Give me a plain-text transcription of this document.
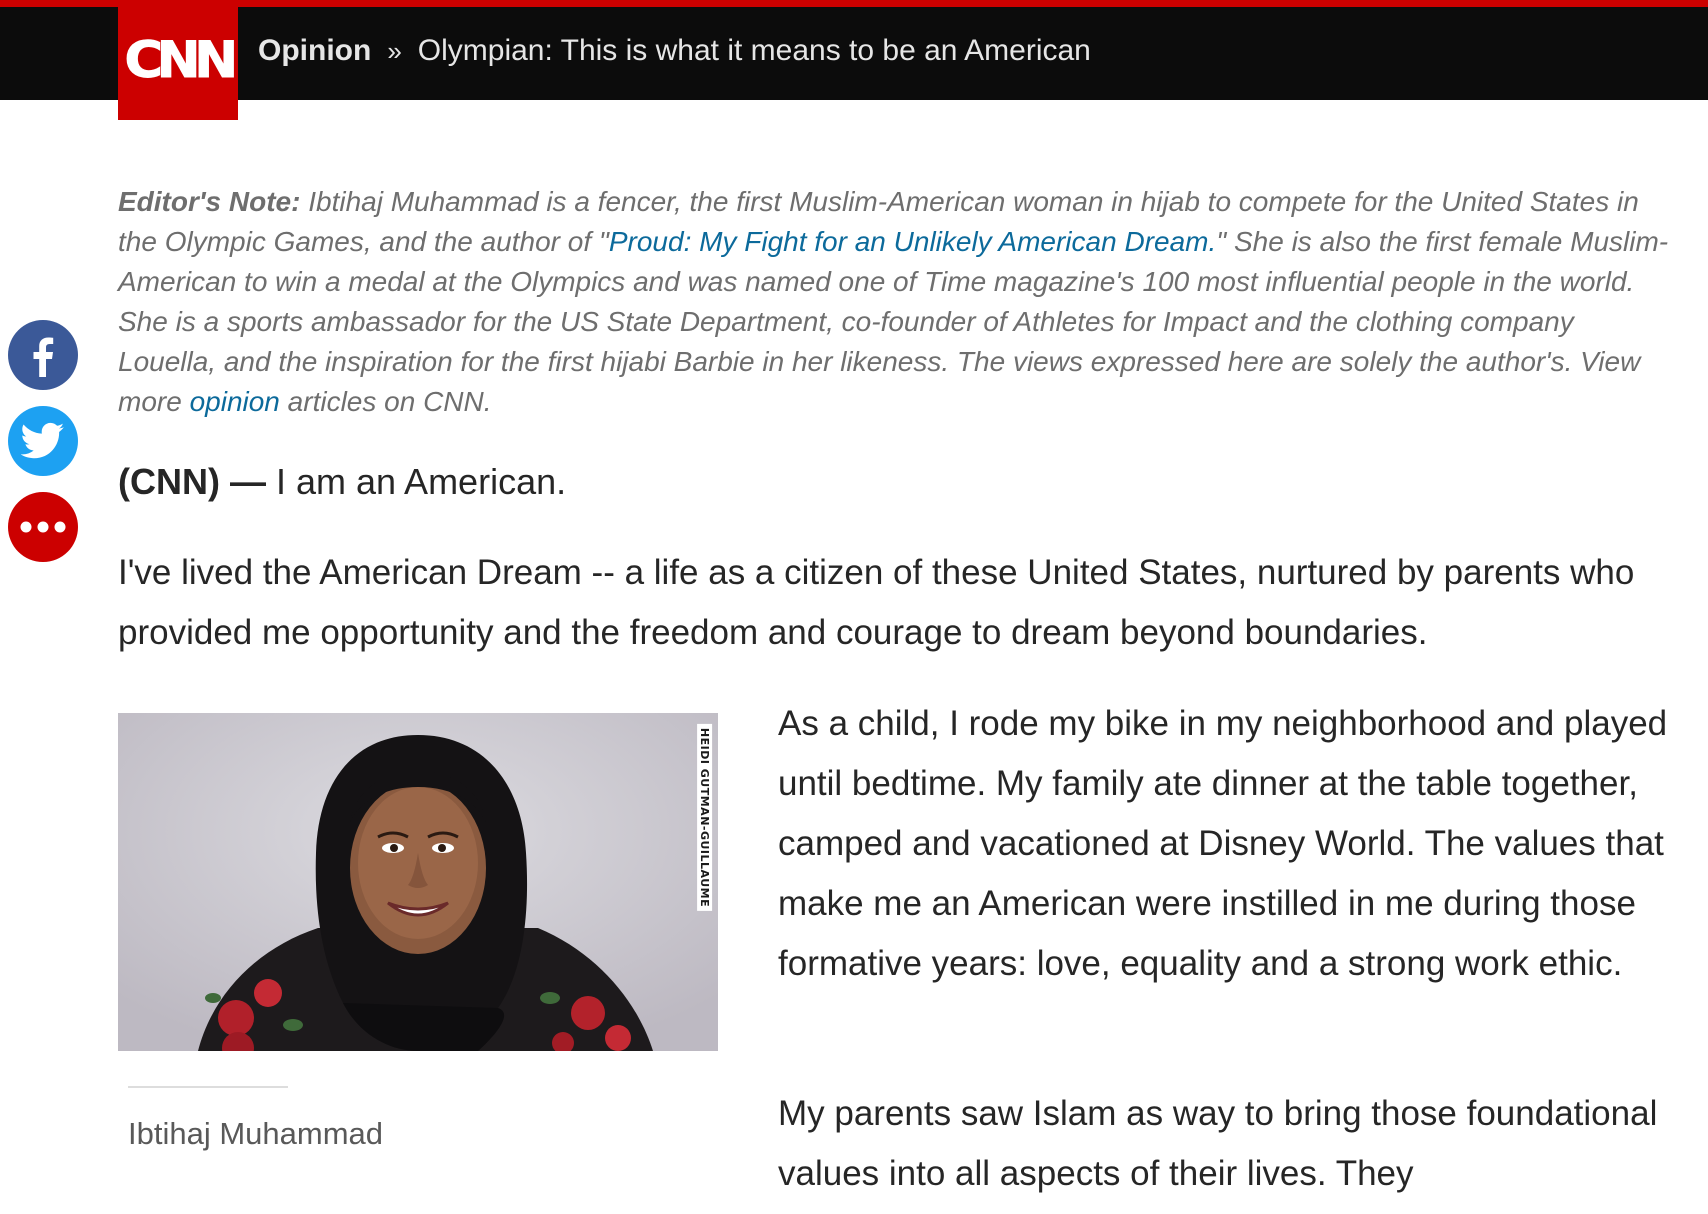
CNN Opinion » Olympian: This is what it means to be an American
Editor's Note: Ibtihaj Muhammad is a fencer, the first Muslim-American woman in hijab to compete for the United States in the Olympic Games, and the author of "Proud: My Fight for an Unlikely American Dream." She is also the first female Muslim-American to win a medal at the Olympics and was named one of Time magazine's 100 most influential people in the world. She is a sports ambassador for the US State Department, co-founder of Athletes for Impact and the clothing company Louella, and the inspiration for the first hijabi Barbie in her likeness. The views expressed here are solely the author's. View more opinion articles on CNN.
(CNN) — I am an American.
I've lived the American Dream -- a life as a citizen of these United States, nurtured by parents who provided me opportunity and the freedom and courage to dream beyond boundaries.
HEIDI GUTMAN-GUILLAUME
Ibtihaj Muhammad
As a child, I rode my bike in my neighborhood and played until bedtime. My family ate dinner at the table together, camped and vacationed at Disney World. The values that make me an American were instilled in me during those formative years: love, equality and a strong work ethic.
My parents saw Islam as way to bring those foundational values into all aspects of their lives. They
